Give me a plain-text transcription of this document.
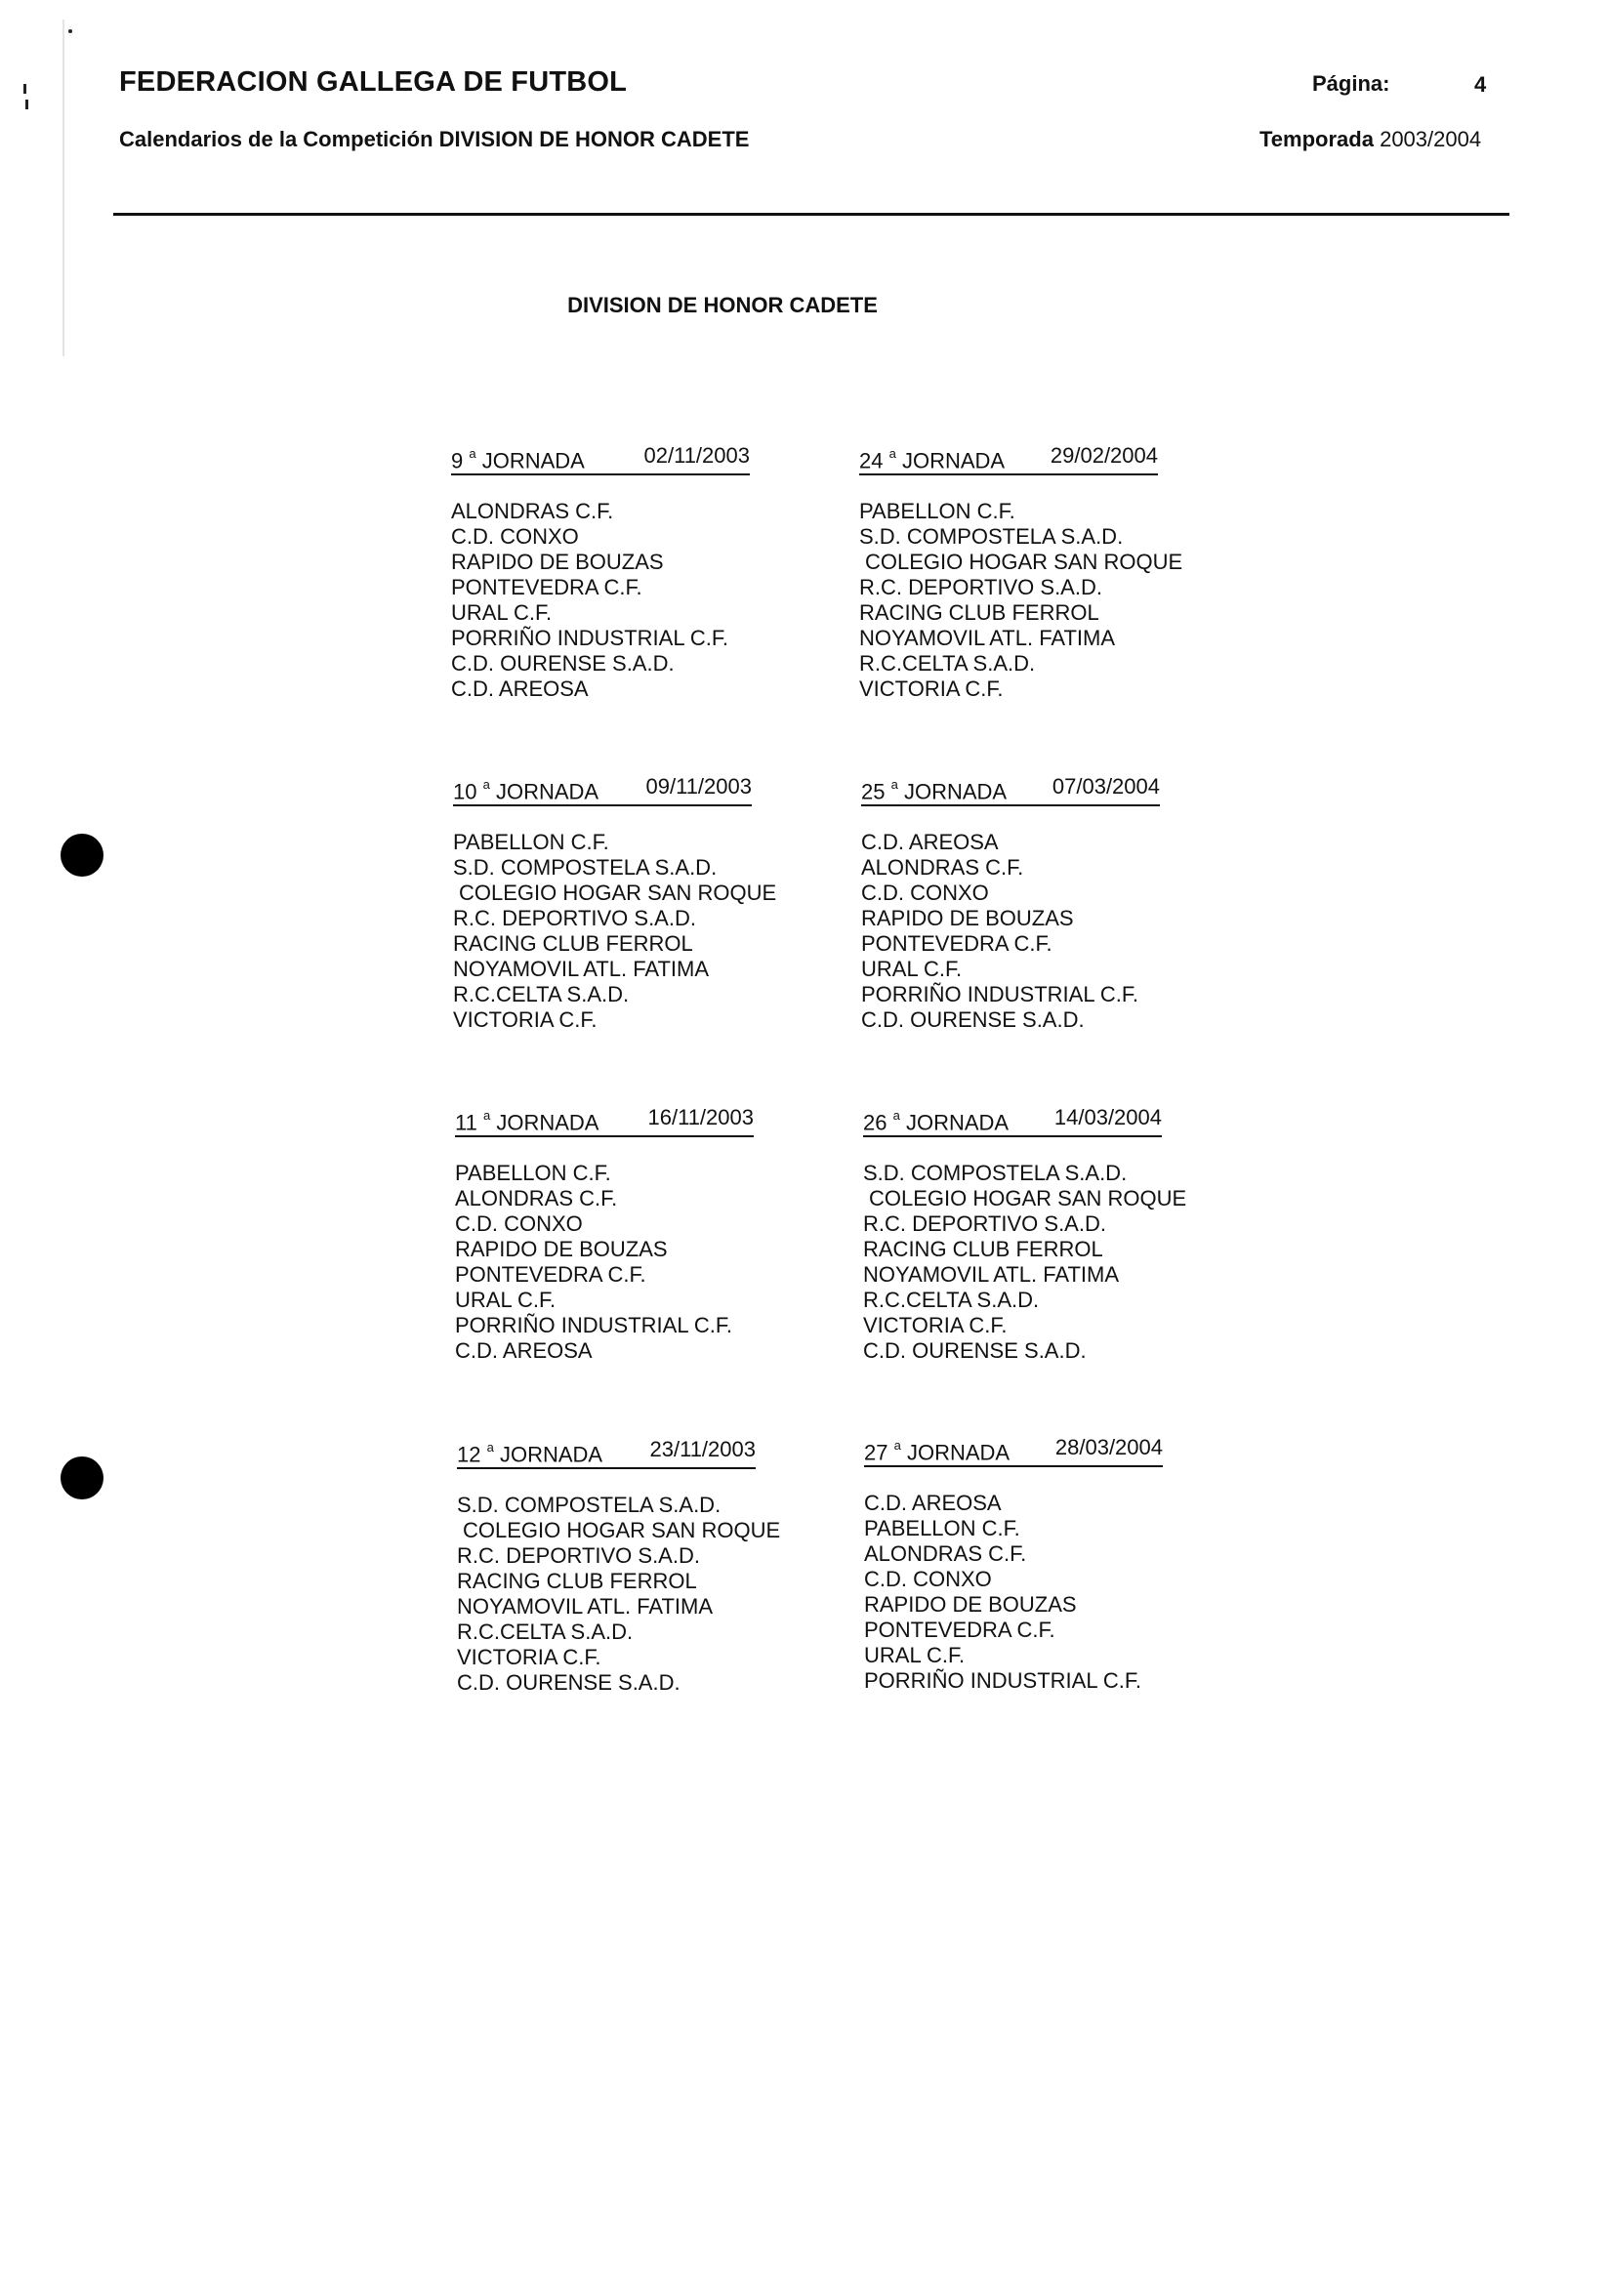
FEDERACION GALLEGA DE FUTBOL	Página:	4
Calendarios de la Competición DIVISION DE HONOR CADETE	Temporada 2003/2004
DIVISION DE HONOR CADETE
9 $^a$ JORNADA	02/11/2003
ALONDRAS C.F.
C.D. CONXO
RAPIDO DE BOUZAS
PONTEVEDRA C.F.
URAL C.F.
PORRIÑO INDUSTRIAL C.F.
C.D. OURENSE S.A.D.
C.D. AREOSA
24 $^a$ JORNADA 29/02/2004
PABELLON C.F.
S.D. COMPOSTELA S.A.D.
COLEGIO HOGAR SAN ROQUE
R.C. DEPORTIVO S.A.D.
RACING CLUB FERROL
NOYAMOVIL ATL. FATIMA
R.C.CELTA S.A.D.
VICTORIA C.F.
10 $^a$ JORNADA 09/11/2003
PABELLON C.F.
S.D. COMPOSTELA S.A.D.
COLEGIO HOGAR SAN ROQUE
R.C. DEPORTIVO S.A.D.
RACING CLUB FERROL
NOYAMOVIL ATL. FATIMA
R.C.CELTA S.A.D.
VICTORIA C.F.
25 $^a$ JORNADA 07/03/2004
C.D. AREOSA
ALONDRAS C.F.
C.D. CONXO
RAPIDO DE BOUZAS
PONTEVEDRA C.F.
URAL C.F.
PORRIÑO INDUSTRIAL C.F.
C.D. OURENSE S.A.D.
11 $^a$ JORNADA 16/11/2003
PABELLON C.F.
ALONDRAS C.F.
C.D. CONXO
RAPIDO DE BOUZAS
PONTEVEDRA C.F.
URAL C.F.
PORRIÑO INDUSTRIAL C.F.
C.D. AREOSA
26 $^a$ JORNADA 14/03/2004
S.D. COMPOSTELA S.A.D.
COLEGIO HOGAR SAN ROQUE
R.C. DEPORTIVO S.A.D.
RACING CLUB FERROL
NOYAMOVIL ATL. FATIMA
R.C.CELTA S.A.D.
VICTORIA C.F.
C.D. OURENSE S.A.D.
12 $^a$ JORNADA 23/11/2003
S.D. COMPOSTELA S.A.D.
COLEGIO HOGAR SAN ROQUE
R.C. DEPORTIVO S.A.D.
RACING CLUB FERROL
NOYAMOVIL ATL. FATIMA
R.C.CELTA S.A.D.
VICTORIA C.F.
C.D. OURENSE S.A.D.
27 $^a$ JORNADA 28/03/2004
C.D. AREOSA
PABELLON C.F.
ALONDRAS C.F.
C.D. CONXO
RAPIDO DE BOUZAS
PONTEVEDRA C.F.
URAL C.F.
PORRIÑO INDUSTRIAL C.F.
